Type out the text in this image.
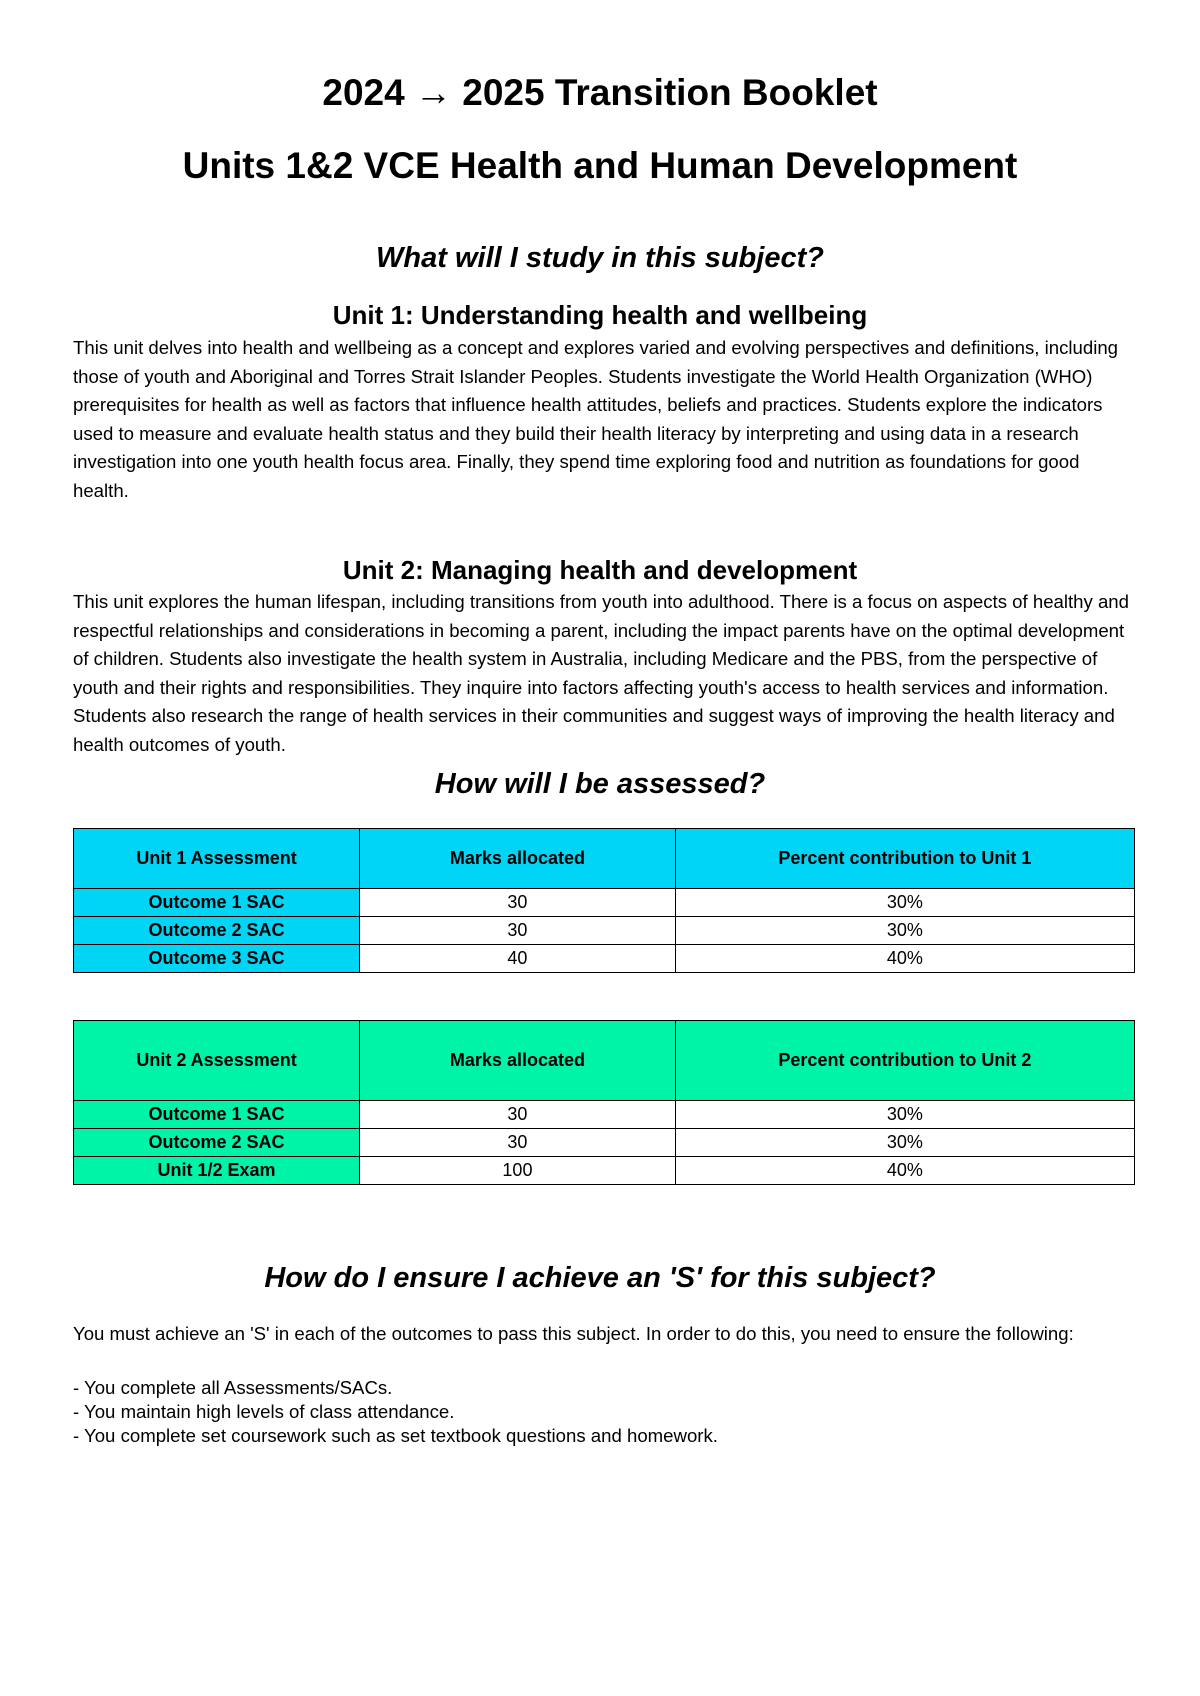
2024 → 2025 Transition Booklet
Units 1&2 VCE Health and Human Development
What will I study in this subject?
Unit 1: Understanding health and wellbeing

This unit delves into health and wellbeing as a concept and explores varied and evolving perspectives and definitions, including those of youth and Aboriginal and Torres Strait Islander Peoples. Students investigate the World Health Organization (WHO) prerequisites for health as well as factors that influence health attitudes, beliefs and practices. Students explore the indicators used to measure and evaluate health status and they build their health literacy by interpreting and using data in a research investigation into one youth health focus area. Finally, they spend time exploring food and nutrition as foundations for good health.

Unit 2: Managing health and development

This unit explores the human lifespan, including transitions from youth into adulthood. There is a focus on aspects of healthy and respectful relationships and considerations in becoming a parent, including the impact parents have on the optimal development of children. Students also investigate the health system in Australia, including Medicare and the PBS, from the perspective of youth and their rights and responsibilities. They inquire into factors affecting youth's access to health services and information. Students also research the range of health services in their communities and suggest ways of improving the health literacy and health outcomes of youth.

How will I be assessed?
Unit 1 Assessment	Marks allocated	Percent contribution to Unit 1
Outcome 1 SAC	30	30%
Outcome 2 SAC	30	30%
Outcome 3 SAC	40	40%
Unit 2 Assessment	Marks allocated	Percent contribution to Unit 2
Outcome 1 SAC	30	30%
Outcome 2 SAC	30	30%
Unit 1/2 Exam	100	40%
How do I ensure I achieve an 'S' for this subject?

You must achieve an 'S' in each of the outcomes to pass this subject. In order to do this, you need to ensure the following:

- You complete all Assessments/SACs.

- You maintain high levels of class attendance.

- You complete set coursework such as set textbook questions and homework.
